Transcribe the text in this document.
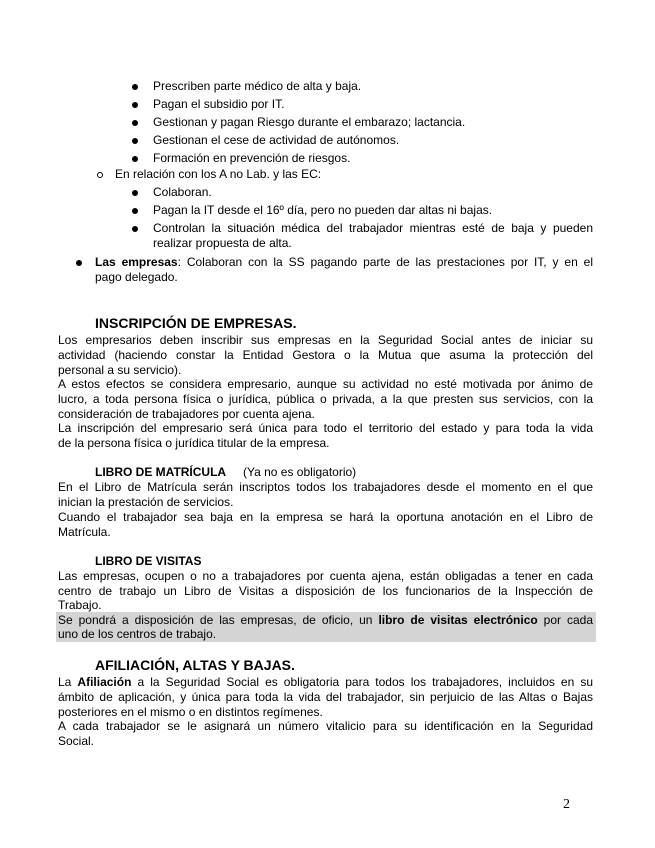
Prescriben parte médico de alta y baja.
Pagan el subsidio por IT.
Gestionan y pagan Riesgo durante el embarazo; lactancia.
Gestionan el cese de actividad de autónomos.
Formación en prevención de riesgos.
En relación con los A no Lab. y las EC:
Colaboran.
Pagan la IT desde el 16º día, pero no pueden dar altas ni bajas.
Controlan la situación médica del trabajador mientras esté de baja y pueden
realizar propuesta de alta.
Las empresas: Colaboran con la SS pagando parte de las prestaciones por IT, y en el
pago delegado.
INSCRIPCIÓN DE EMPRESAS.
Los empresarios deben inscribir sus empresas en la Seguridad Social antes de iniciar su
actividad (haciendo constar la Entidad Gestora o la Mutua que asuma la protección del
personal a su servicio).
A estos efectos se considera empresario, aunque su actividad no esté motivada por ánimo de
lucro, a toda persona física o jurídica, pública o privada, a la que presten sus servicios, con la
consideración de trabajadores por cuenta ajena.
La inscripción del empresario será única para todo el territorio del estado y para toda la vida
de la persona física o jurídica titular de la empresa.
LIBRO DE MATRÍCULA (Ya no es obligatorio)
En el Libro de Matrícula serán inscriptos todos los trabajadores desde el momento en el que
inician la prestación de servicios.
Cuando el trabajador sea baja en la empresa se hará la oportuna anotación en el Libro de
Matrícula.
LIBRO DE VISITAS
Las empresas, ocupen o no a trabajadores por cuenta ajena, están obligadas a tener en cada
centro de trabajo un Libro de Visitas a disposición de los funcionarios de la Inspección de
Trabajo.
Se pondrá a disposición de las empresas, de oficio, un libro de visitas electrónico por cada
uno de los centros de trabajo.
AFILIACIÓN, ALTAS Y BAJAS.
La Afiliación a la Seguridad Social es obligatoria para todos los trabajadores, incluidos en su
ámbito de aplicación, y única para toda la vida del trabajador, sin perjuicio de las Altas o Bajas
posteriores en el mismo o en distintos regímenes.
A cada trabajador se le asignará un número vitalicio para su identificación en la Seguridad
Social.
2
